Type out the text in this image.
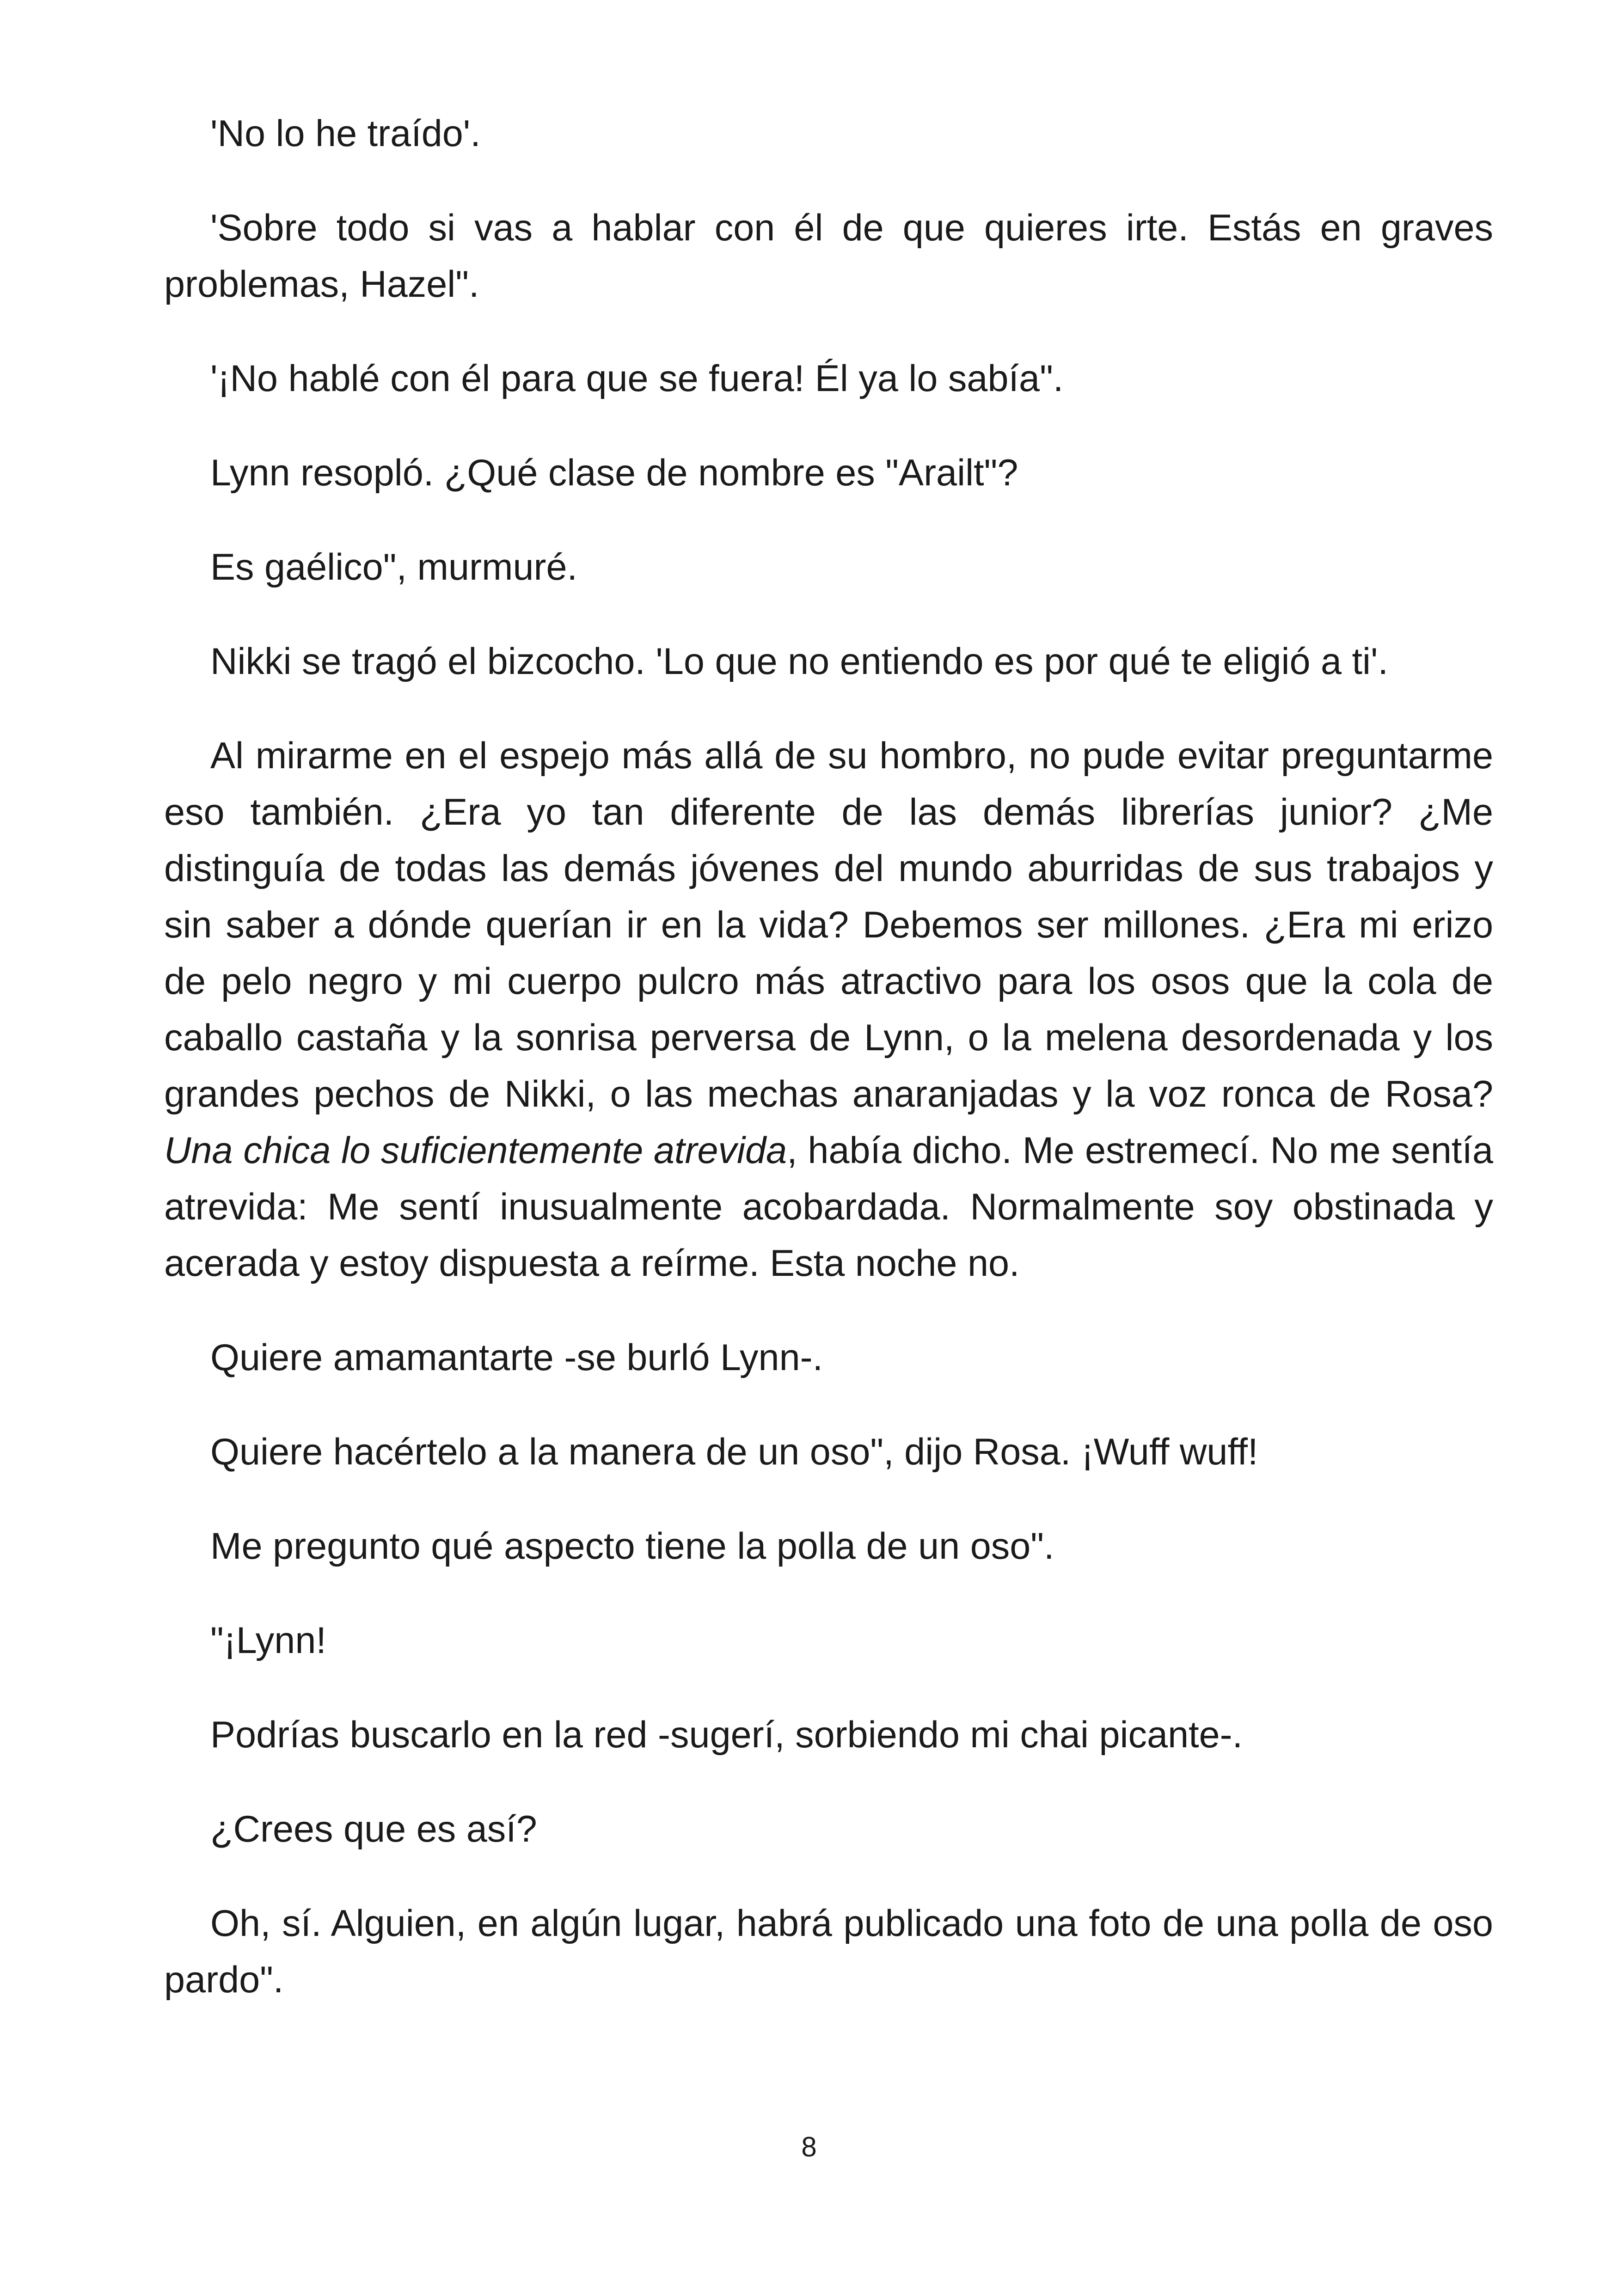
'No lo he traído'.

'Sobre todo si vas a hablar con él de que quieres irte. Estás en graves problemas, Hazel".

'¡No hablé con él para que se fuera! Él ya lo sabía".

Lynn resopló. ¿Qué clase de nombre es "Arailt"?

Es gaélico", murmuré.

Nikki se tragó el bizcocho. 'Lo que no entiendo es por qué te eligió a ti'.

Al mirarme en el espejo más allá de su hombro, no pude evitar preguntarme eso también. ¿Era yo tan diferente de las demás librerías junior? ¿Me distinguía de todas las demás jóvenes del mundo aburridas de sus trabajos y sin saber a dónde querían ir en la vida? Debemos ser millones. ¿Era mi erizo de pelo negro y mi cuerpo pulcro más atractivo para los osos que la cola de caballo castaña y la sonrisa perversa de Lynn, o la melena desordenada y los grandes pechos de Nikki, o las mechas anaranjadas y la voz ronca de Rosa? Una chica lo suficientemente atrevida, había dicho. Me estremecí. No me sentía atrevida: Me sentí inusualmente acobardada. Normalmente soy obstinada y acerada y estoy dispuesta a reírme. Esta noche no.

Quiere amamantarte -se burló Lynn-.

Quiere hacértelo a la manera de un oso", dijo Rosa. ¡Wuff wuff!

Me pregunto qué aspecto tiene la polla de un oso".

"¡Lynn!

Podrías buscarlo en la red -sugerí, sorbiendo mi chai picante-.

¿Crees que es así?

Oh, sí. Alguien, en algún lugar, habrá publicado una foto de una polla de oso pardo".

8
